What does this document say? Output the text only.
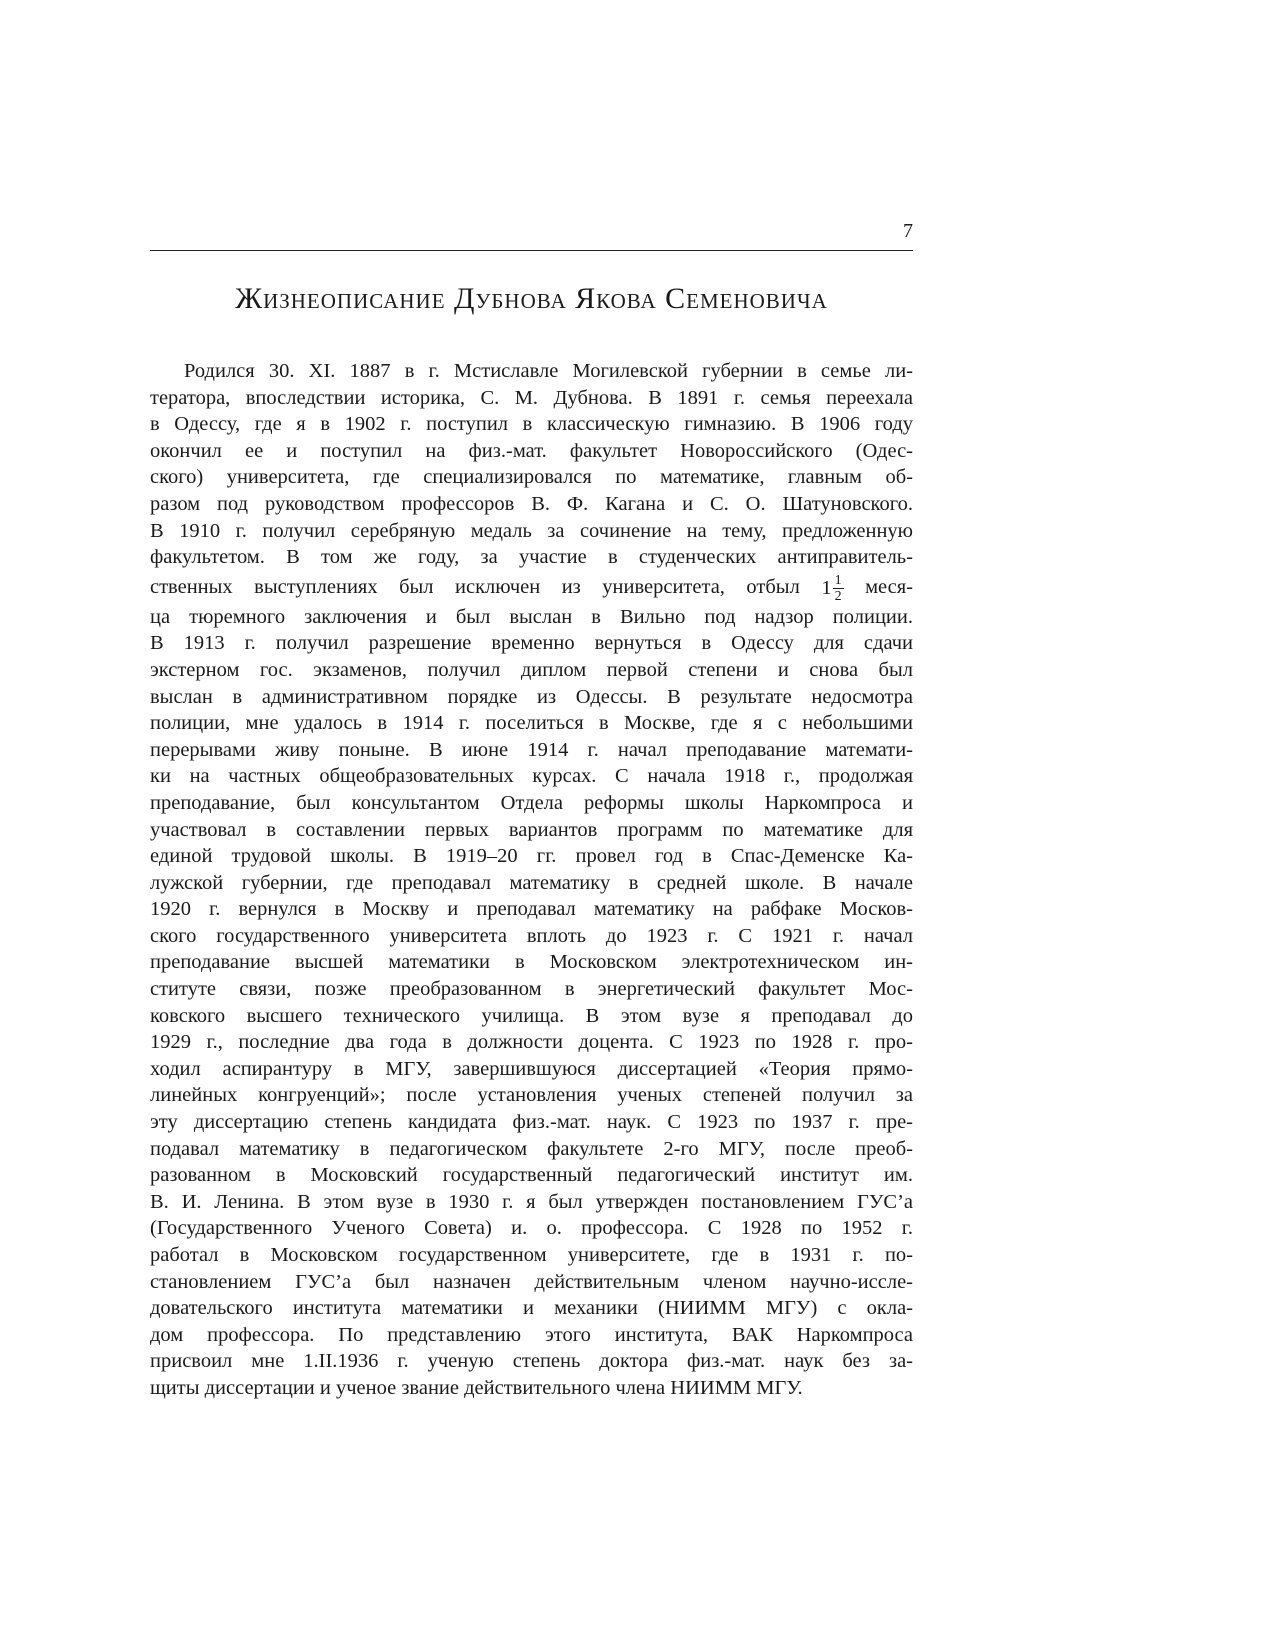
7
Жизнеописание Дубнова Якова Семеновича
Родился 30. XI. 1887 в г. Мстиславле Могилевской губернии в семье ли-
тератора, впоследствии историка, С. М. Дубнова. В 1891 г. семья переехала
в Одессу, где я в 1902 г. поступил в классическую гимназию. В 1906 году
окончил ее и поступил на физ.-мат. факультет Новороссийского (Одес-
ского) университета, где специализировался по математике, главным об-
разом под руководством профессоров В. Ф. Кагана и С. О. Шатуновского.
В 1910 г. получил серебряную медаль за сочинение на тему, предложенную
факультетом. В том же году, за участие в студенческих антиправитель-
ственных выступлениях был исключен из университета, отбыл $1 \frac{1}{2}$ меся-
ца тюремного заключения и был выслан в Вильно под надзор полиции.
В 1913 г. получил разрешение временно вернуться в Одессу для сдачи
экстерном гос. экзаменов, получил диплом первой степени и снова был
выслан в административном порядке из Одессы. В результате недосмотра
полиции, мне удалось в 1914 г. поселиться в Москве, где я с небольшими
перерывами живу поныне. В июне 1914 г. начал преподавание математи-
ки на частных общеобразовательных курсах. С начала 1918 г., продолжая
преподавание, был консультантом Отдела реформы школы Наркомпроса и
участвовал в составлении первых вариантов программ по математике для
единой трудовой школы. В 1919–20 гг. провел год в Спас-Деменске Ка-
лужской губернии, где преподавал математику в средней школе. В начале
1920 г. вернулся в Москву и преподавал математику на рабфаке Москов-
ского государственного университета вплоть до 1923 г. С 1921 г. начал
преподавание высшей математики в Московском электротехническом ин-
ституте связи, позже преобразованном в энергетический факультет Мос-
ковского высшего технического училища. В этом вузе я преподавал до
1929 г., последние два года в должности доцента. С 1923 по 1928 г. про-
ходил аспирантуру в МГУ, завершившуюся диссертацией «Теория прямо-
линейных конгруенций»; после установления ученых степеней получил за
эту диссертацию степень кандидата физ.-мат. наук. С 1923 по 1937 г. пре-
подавал математику в педагогическом факультете 2-го МГУ, после преоб-
разованном в Московский государственный педагогический институт им.
В. И. Ленина. В этом вузе в 1930 г. я был утвержден постановлением ГУС’а
(Государственного Ученого Совета) и. о. профессора. С 1928 по 1952 г.
работал в Московском государственном университете, где в 1931 г. по-
становлением ГУС’а был назначен действительным членом научно-иссле-
довательского института математики и механики (НИИММ МГУ) с окла-
дом профессора. По представлению этого института, ВАК Наркомпроса
присвоил мне 1.II.1936 г. ученую степень доктора физ.-мат. наук без за-
щиты диссертации и ученое звание действительного члена НИИММ МГУ.
